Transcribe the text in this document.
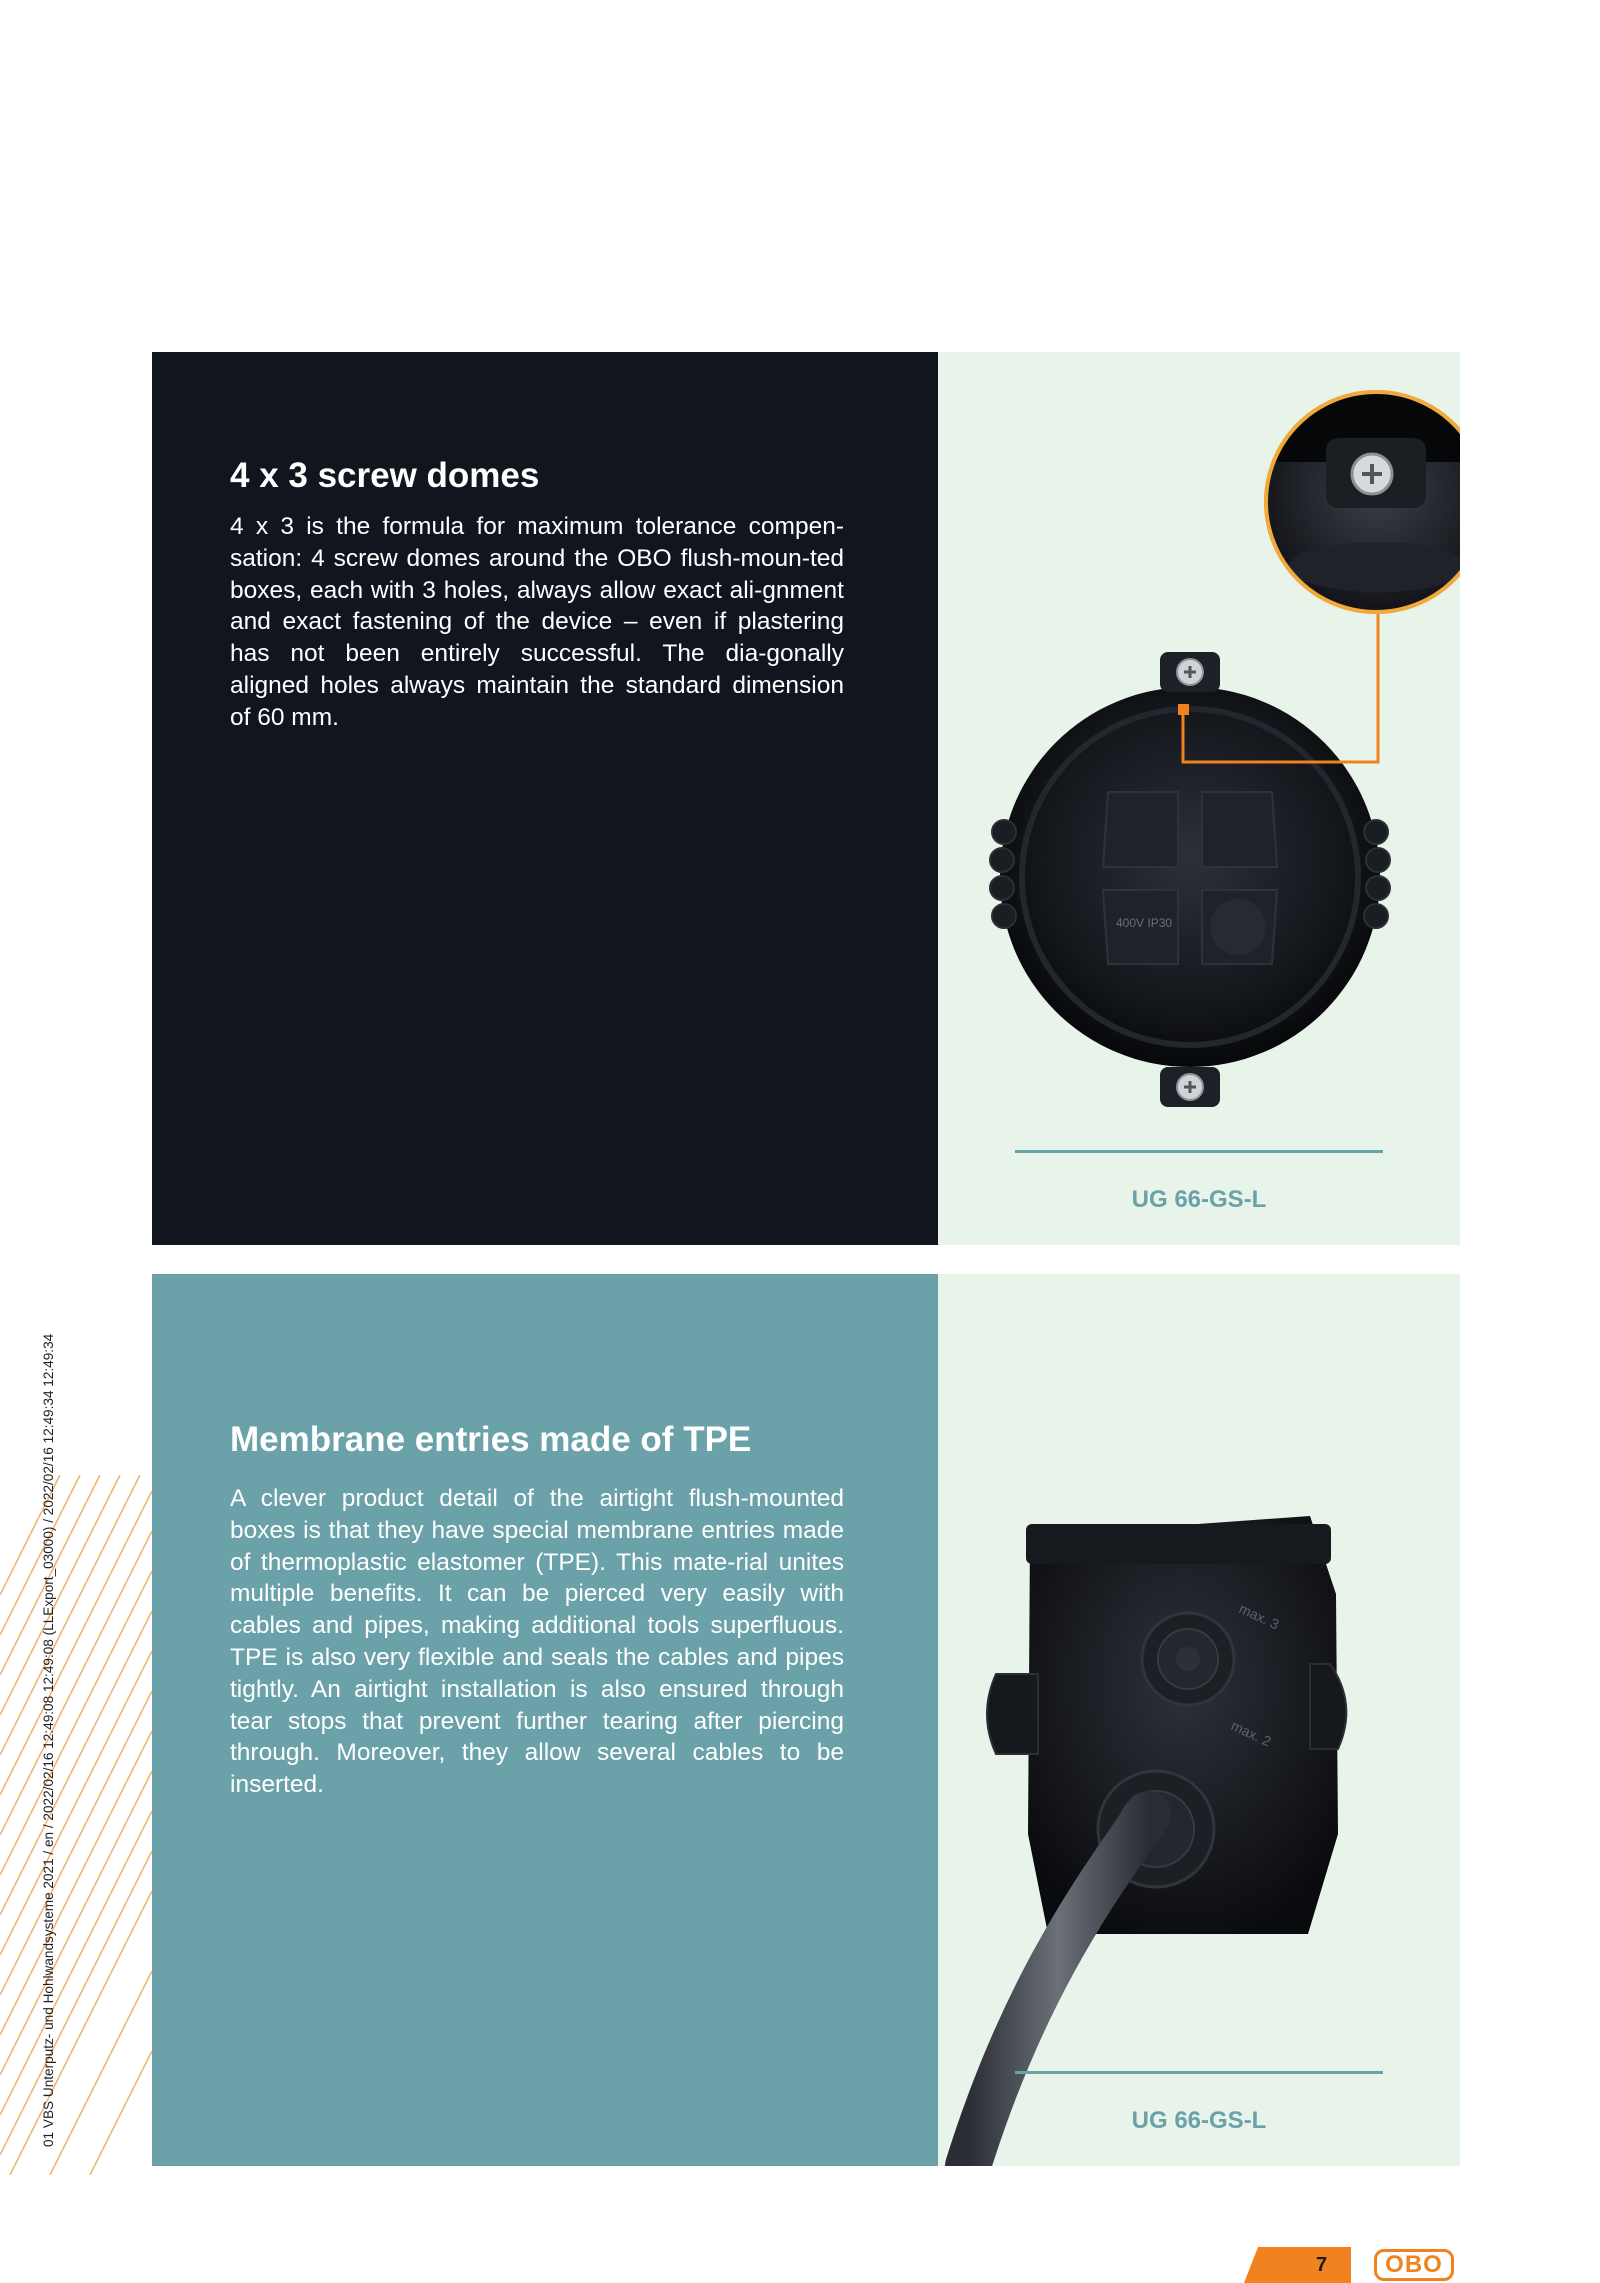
4 x 3 screw domes

4 x 3 is the formula for maximum tolerance compen-sation: 4 screw domes around the OBO flush-moun-ted boxes, each with 3 holes, always allow exact ali-gnment and exact fastening of the device – even if plastering has not been entirely successful. The dia-gonally aligned holes always maintain the standard dimension of 60 mm.

400V IP30
UG 66-GS-L
Membrane entries made of TPE

A clever product detail of the airtight flush-mounted boxes is that they have special membrane entries made of thermoplastic elastomer (TPE). This mate-rial unites multiple benefits. It can be pierced very easily with cables and pipes, making additional tools superfluous. TPE is also very flexible and seals the cables and pipes tightly. An airtight installation is also ensured through tear stops that prevent further tearing after piercing through. Moreover, they allow several cables to be inserted.

max. 3
max. 2
UG 66-GS-L
01 VBS Unterputz- und Hohlwandsysteme 2021 / en / 2022/02/16 12:49:08 12:49:08 (LLExport_03000) / 2022/02/16 12:49:34 12:49:34
7	OBO
